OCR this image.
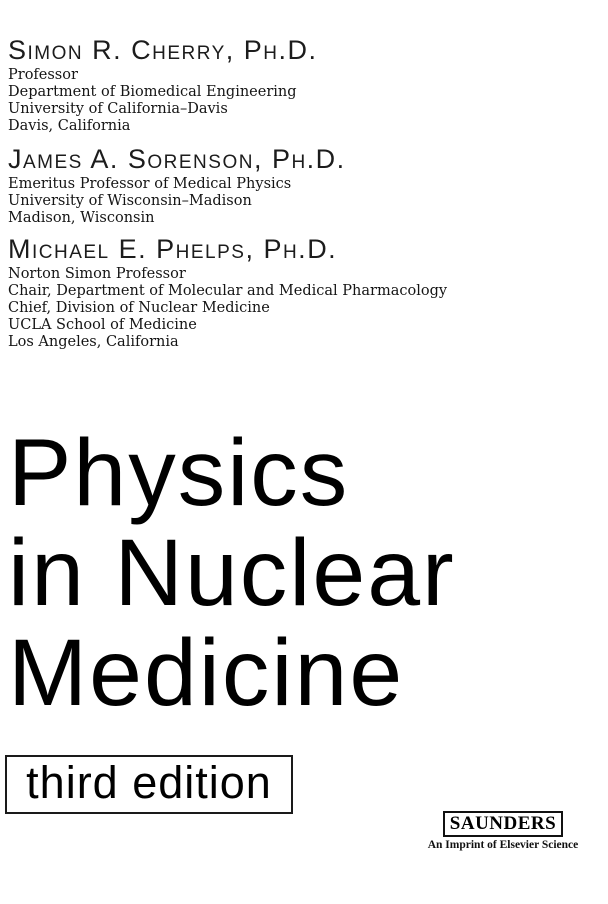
Simon R. Cherry, Ph.D.
Professor
Department of Biomedical Engineering
University of California–Davis
Davis, California
James A. Sorenson, Ph.D.
Emeritus Professor of Medical Physics
University of Wisconsin–Madison
Madison, Wisconsin
Michael E. Phelps, Ph.D.
Norton Simon Professor
Chair, Department of Molecular and Medical Pharmacology
Chief, Division of Nuclear Medicine
UCLA School of Medicine
Los Angeles, California
Physics
in Nuclear
Medicine
third edition
SAUNDERS
An Imprint of Elsevier Science
